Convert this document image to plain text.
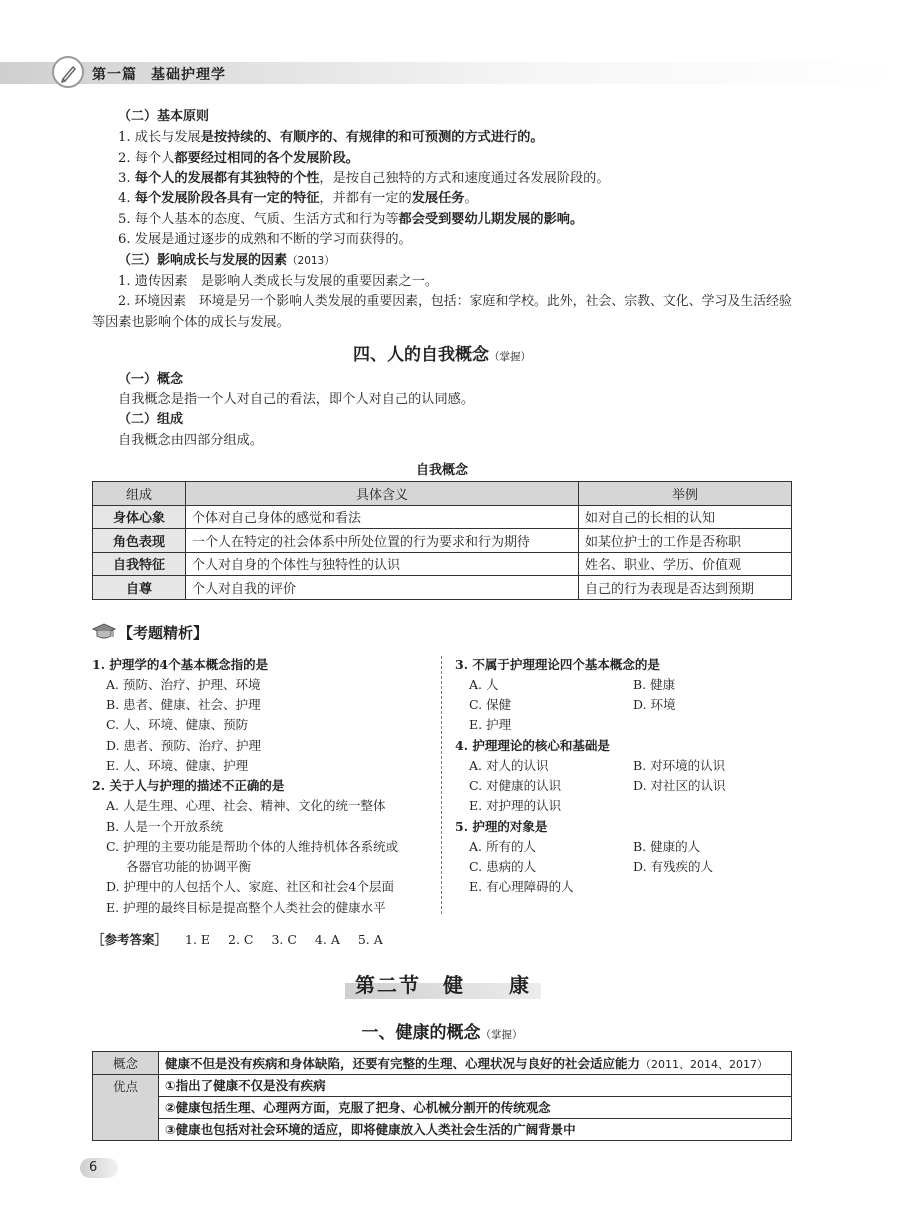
第一篇 基础护理学
（二）基本原则
1. 成长与发展是按持续的、有顺序的、有规律的和可预测的方式进行的。
2. 每个人都要经过相同的各个发展阶段。
3. 每个人的发展都有其独特的个性，是按自己独特的方式和速度通过各发展阶段的。
4. 每个发展阶段各具有一定的特征，并都有一定的发展任务。
5. 每个人基本的态度、气质、生活方式和行为等都会受到婴幼儿期发展的影响。
6. 发展是通过逐步的成熟和不断的学习而获得的。
（三）影响成长与发展的因素（2013）
1. 遗传因素　是影响人类成长与发展的重要因素之一。
2. 环境因素　环境是另一个影响人类发展的重要因素，包括：家庭和学校。此外，社会、宗教、文化、学习及生活经验
等因素也影响个体的成长与发展。
四、人的自我概念（掌握）
（一）概念
自我概念是指一个人对自己的看法，即个人对自己的认同感。
（二）组成
自我概念由四部分组成。
自我概念
组成	具体含义	举例
身体心象	个体对自己身体的感觉和看法	如对自己的长相的认知
角色表现	一个人在特定的社会体系中所处位置的行为要求和行为期待	如某位护士的工作是否称职
自我特征	个人对自身的个体性与独特性的认识	姓名、职业、学历、价值观
自尊	个人对自我的评价	自己的行为表现是否达到预期
【考题精析】
1. 护理学的4个基本概念指的是
A. 预防、治疗、护理、环境
B. 患者、健康、社会、护理
C. 人、环境、健康、预防
D. 患者、预防、治疗、护理
E. 人、环境、健康、护理
2. 关于人与护理的描述不正确的是
A. 人是生理、心理、社会、精神、文化的统一整体
B. 人是一个开放系统
C. 护理的主要功能是帮助个体的人维持机体各系统或
各器官功能的协调平衡
D. 护理中的人包括个人、家庭、社区和社会4个层面
E. 护理的最终目标是提高整个人类社会的健康水平
3. 不属于护理理论四个基本概念的是
A. 人	B. 健康
C. 保健	D. 环境
E. 护理
4. 护理理论的核心和基础是
A. 对人的认识	B. 对环境的认识
C. 对健康的认识	D. 对社区的认识
E. 对护理的认识
5. 护理的对象是
A. 所有的人	B. 健康的人
C. 患病的人	D. 有残疾的人
E. 有心理障碍的人
［参考答案］ 1. E 2. C 3. C 4. A 5. A
第二节　健　　康
一、健康的概念（掌握）
概念	健康不但是没有疾病和身体缺陷，还要有完整的生理、心理状况与良好的社会适应能力（2011、2014、2017）
优点	①指出了健康不仅是没有疾病
②健康包括生理、心理两方面，克服了把身、心机械分割开的传统观念
③健康也包括对社会环境的适应，即将健康放入人类社会生活的广阔背景中
6
